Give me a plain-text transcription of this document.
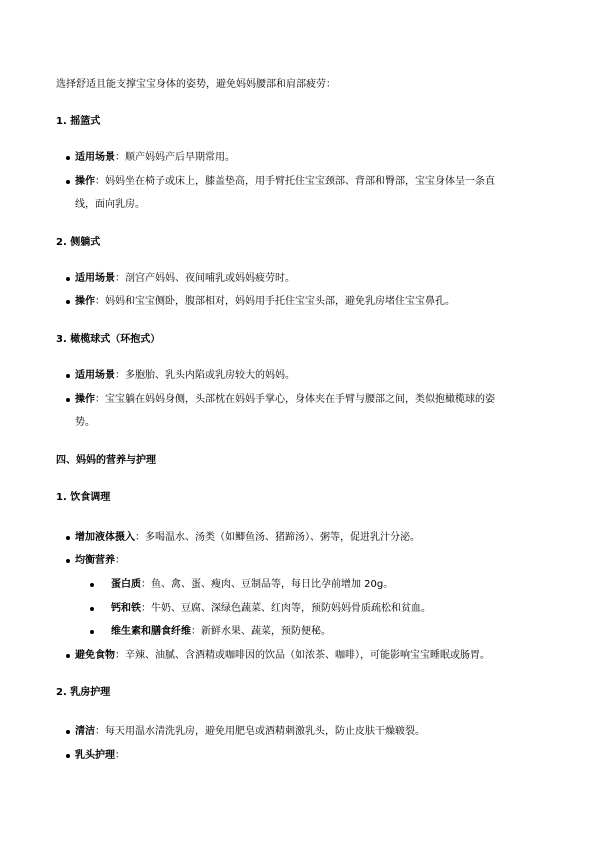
选择舒适且能支撑宝宝身体的姿势，避免妈妈腰部和肩部疲劳：
1. 摇篮式
适用场景：顺产妈妈产后早期常用。
操作：妈妈坐在椅子或床上，膝盖垫高，用手臂托住宝宝颈部、背部和臀部，宝宝身体呈一条直
线，面向乳房。
2. 侧躺式
适用场景：剖宫产妈妈、夜间哺乳或妈妈疲劳时。
操作：妈妈和宝宝侧卧，腹部相对，妈妈用手托住宝宝头部，避免乳房堵住宝宝鼻孔。
3. 橄榄球式（环抱式）
适用场景：多胞胎、乳头内陷或乳房较大的妈妈。
操作：宝宝躺在妈妈身侧，头部枕在妈妈手掌心，身体夹在手臂与腰部之间，类似抱橄榄球的姿
势。
四、妈妈的营养与护理
1. 饮食调理
增加液体摄入：多喝温水、汤类（如鲫鱼汤、猪蹄汤）、粥等，促进乳汁分泌。
均衡营养：
蛋白质：鱼、禽、蛋、瘦肉、豆制品等，每日比孕前增加 20g。
钙和铁：牛奶、豆腐、深绿色蔬菜、红肉等，预防妈妈骨质疏松和贫血。
维生素和膳食纤维：新鲜水果、蔬菜，预防便秘。
避免食物：辛辣、油腻、含酒精或咖啡因的饮品（如浓茶、咖啡），可能影响宝宝睡眠或肠胃。
2. 乳房护理
清洁：每天用温水清洗乳房，避免用肥皂或酒精刺激乳头，防止皮肤干燥皲裂。
乳头护理：
